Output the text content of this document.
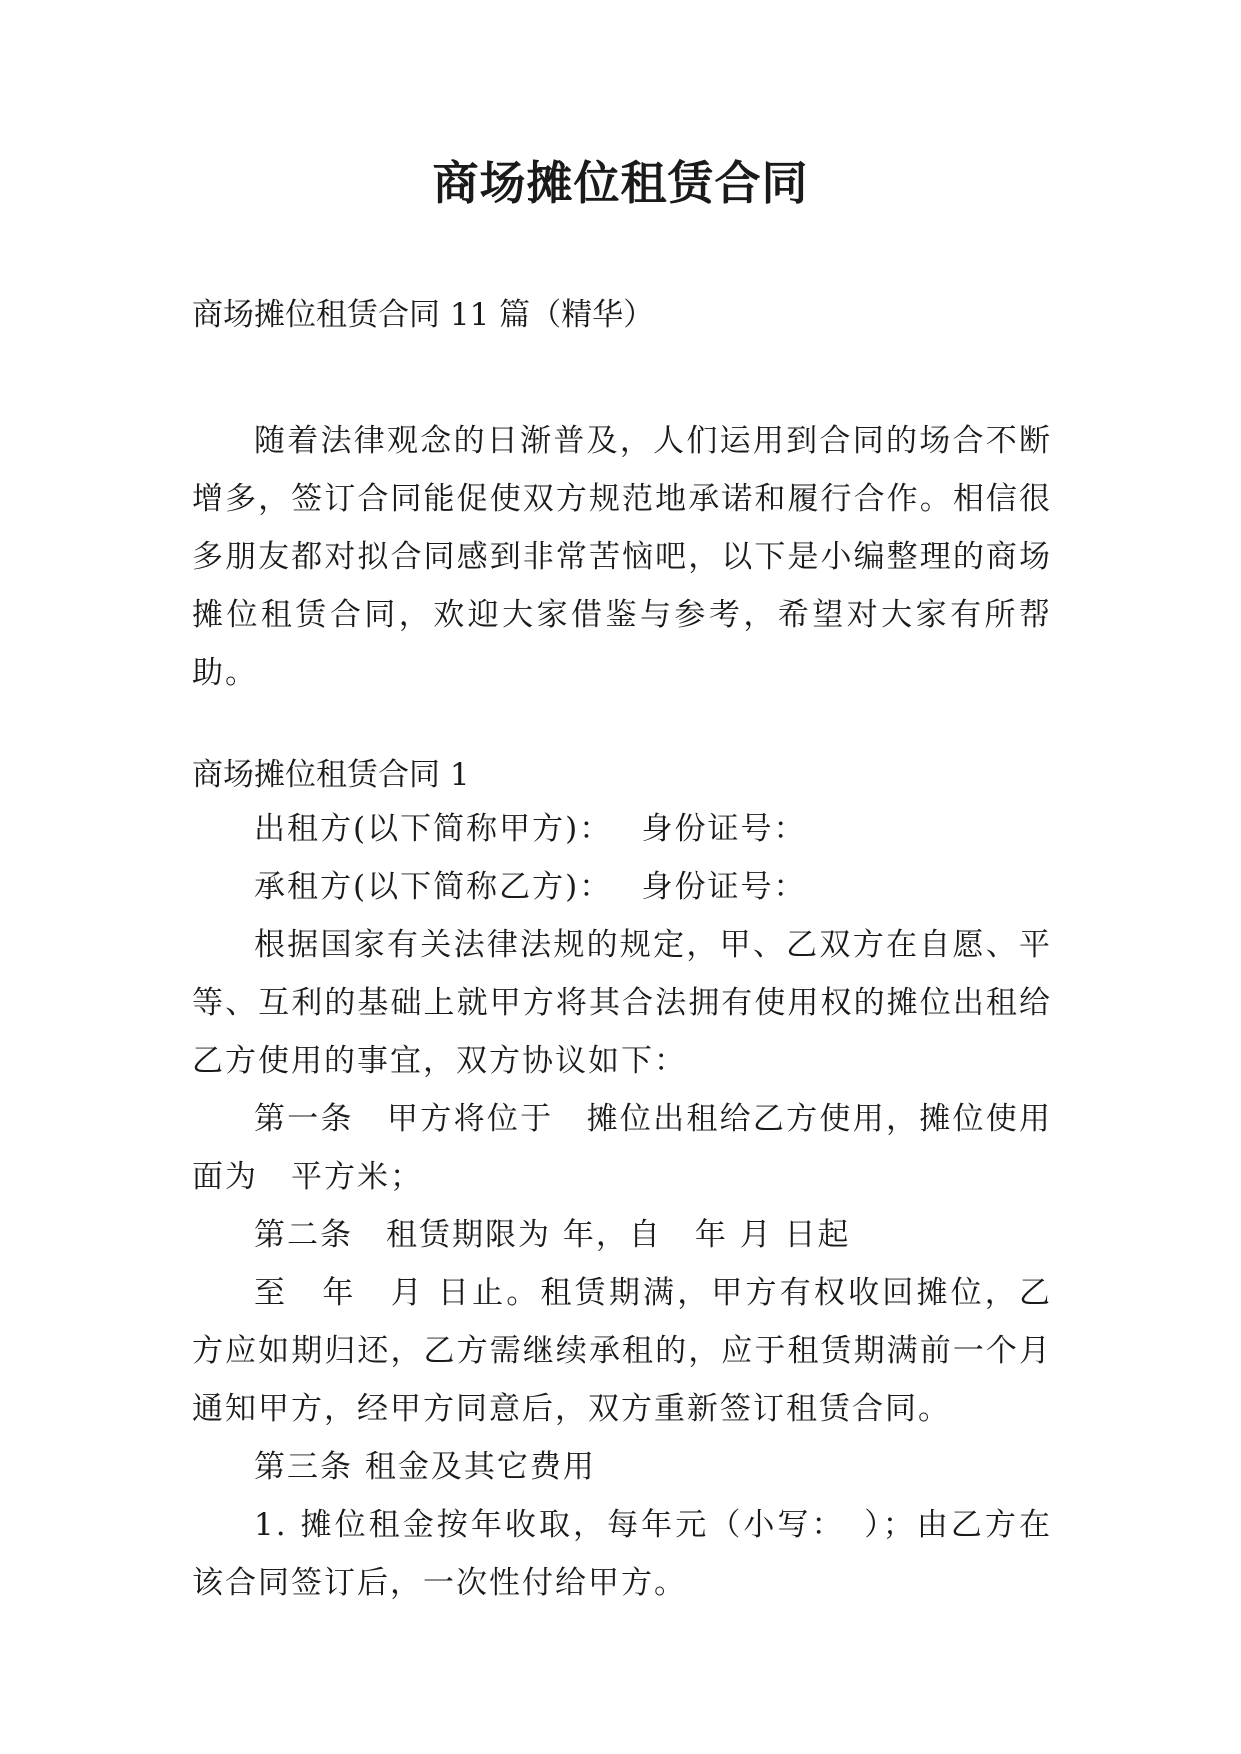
商场摊位租赁合同

商场摊位租赁合同 11 篇（精华）

随着法律观念的日渐普及，人们运用到合同的场合不断增多，签订合同能促使双方规范地承诺和履行合作。相信很多朋友都对拟合同感到非常苦恼吧，以下是小编整理的商场摊位租赁合同，欢迎大家借鉴与参考，希望对大家有所帮助。

商场摊位租赁合同 1

出租方(以下简称甲方)：　 身份证号：

承租方(以下简称乙方)：　 身份证号：

根据国家有关法律法规的规定，甲、乙双方在自愿、平等、互利的基础上就甲方将其合法拥有使用权的摊位出租给乙方使用的事宜，双方协议如下：

第一条　甲方将位于　摊位出租给乙方使用，摊位使用面为　平方米；

第二条　租赁期限为 年，自　年 月 日起

至　年　月 日止。租赁期满，甲方有权收回摊位，乙方应如期归还，乙方需继续承租的，应于租赁期满前一个月通知甲方，经甲方同意后，双方重新签订租赁合同。

第三条 租金及其它费用

1. 摊位租金按年收取，每年元（小写：　）；由乙方在该合同签订后，一次性付给甲方。
